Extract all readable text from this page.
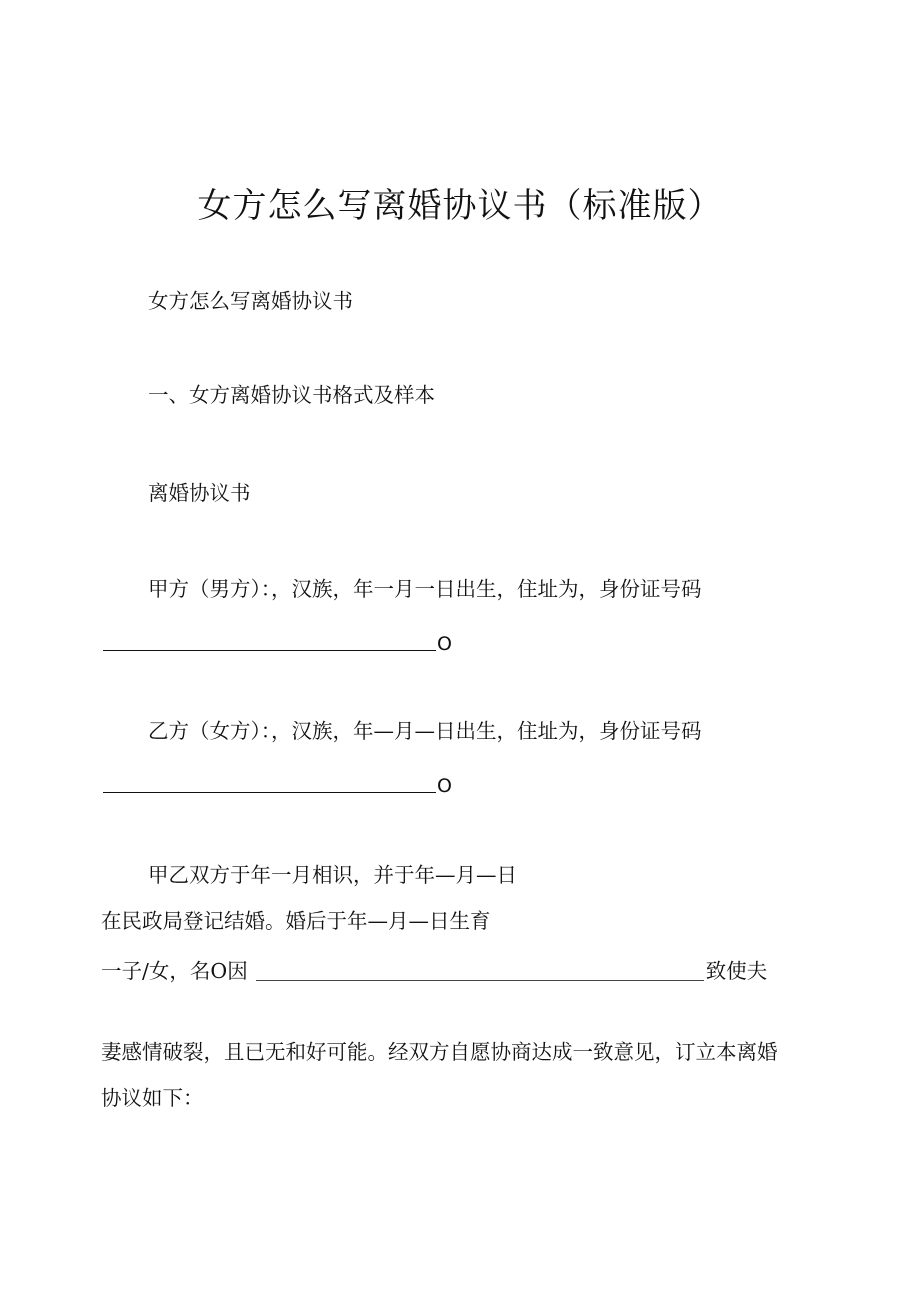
女方怎么写离婚协议书（标准版）
女方怎么写离婚协议书
一、女方离婚协议书格式及样本
离婚协议书
甲方（男方）：，汉族，年一月一日出生，住址为，身份证号码
O
乙方（女方）：，汉族，年—月—日出生，住址为，身份证号码
O
甲乙双方于年一月相识，并于年—月—日
在民政局登记结婚。婚后于年—月—日生育
一子/女，名O因	致使夫
妻感情破裂，且已无和好可能。经双方自愿协商达成一致意见，订立本离婚
协议如下：
